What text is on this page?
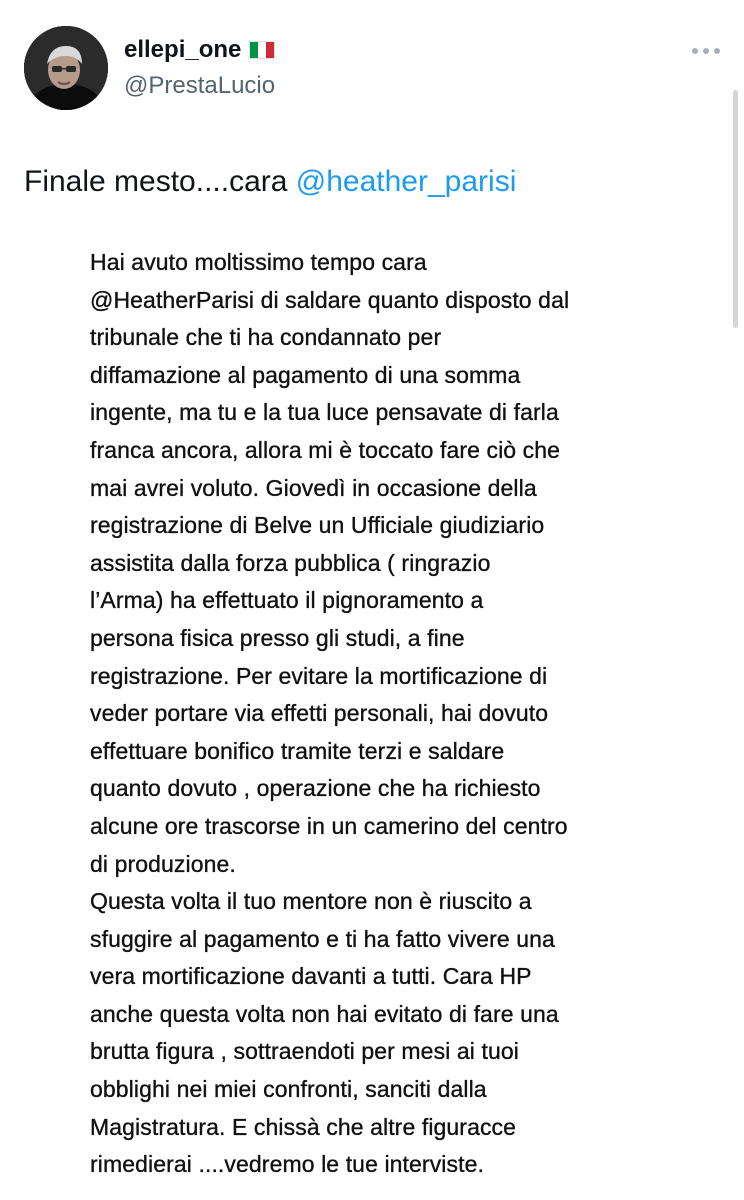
ellepi_one
@PrestaLucio
Finale mesto....cara @heather_parisi
Hai avuto moltissimo tempo cara
@HeatherParisi di saldare quanto disposto dal
tribunale che ti ha condannato per
diffamazione al pagamento di una somma
ingente, ma tu e la tua luce pensavate di farla
franca ancora, allora mi è toccato fare ciò che
mai avrei voluto. Giovedì in occasione della
registrazione di Belve un Ufficiale giudiziario
assistita dalla forza pubblica ( ringrazio
l’Arma) ha effettuato il pignoramento a
persona fisica presso gli studi, a fine
registrazione. Per evitare la mortificazione di
veder portare via effetti personali, hai dovuto
effettuare bonifico tramite terzi e saldare
quanto dovuto , operazione che ha richiesto
alcune ore trascorse in un camerino del centro
di produzione.
Questa volta il tuo mentore non è riuscito a
sfuggire al pagamento e ti ha fatto vivere una
vera mortificazione davanti a tutti. Cara HP
anche questa volta non hai evitato di fare una
brutta figura , sottraendoti per mesi ai tuoi
obblighi nei miei confronti, sanciti dalla
Magistratura. E chissà che altre figuracce
rimedierai ....vedremo le tue interviste.
